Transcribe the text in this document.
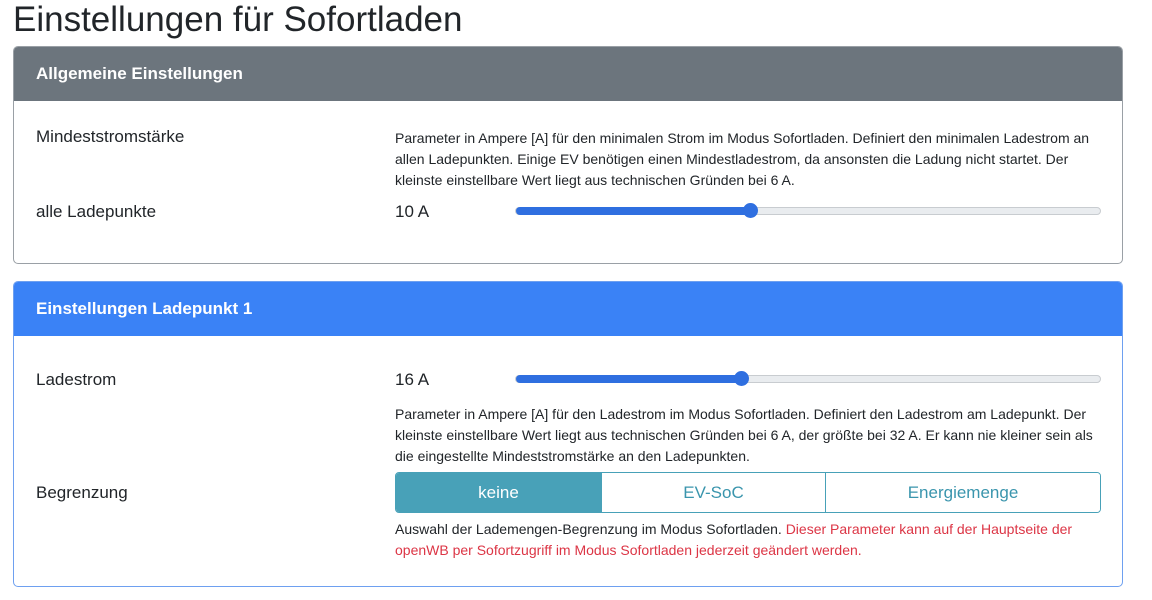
Einstellungen für Sofortladen
Allgemeine Einstellungen
Mindeststromstärke	Parameter in Ampere [A] für den minimalen Strom im Modus Sofortladen. Definiert den minimalen Ladestrom an allen Ladepunkten. Einige EV benötigen einen Mindestladestrom, da ansonsten die Ladung nicht startet. Der kleinste einstellbare Wert liegt aus technischen Gründen bei 6 A.
alle Ladepunkte	10 A
Einstellungen Ladepunkt 1
Ladestrom	16 A
Parameter in Ampere [A] für den Ladestrom im Modus Sofortladen. Definiert den Ladestrom am Ladepunkt. Der kleinste einstellbare Wert liegt aus technischen Gründen bei 6 A, der größte bei 32 A. Er kann nie kleiner sein als die eingestellte Mindeststromstärke an den Ladepunkten.
Begrenzung	keine	EV-SoC	Energiemenge
Auswahl der Lademengen-Begrenzung im Modus Sofortladen. Dieser Parameter kann auf der Hauptseite der openWB per Sofortzugriff im Modus Sofortladen jederzeit geändert werden.
